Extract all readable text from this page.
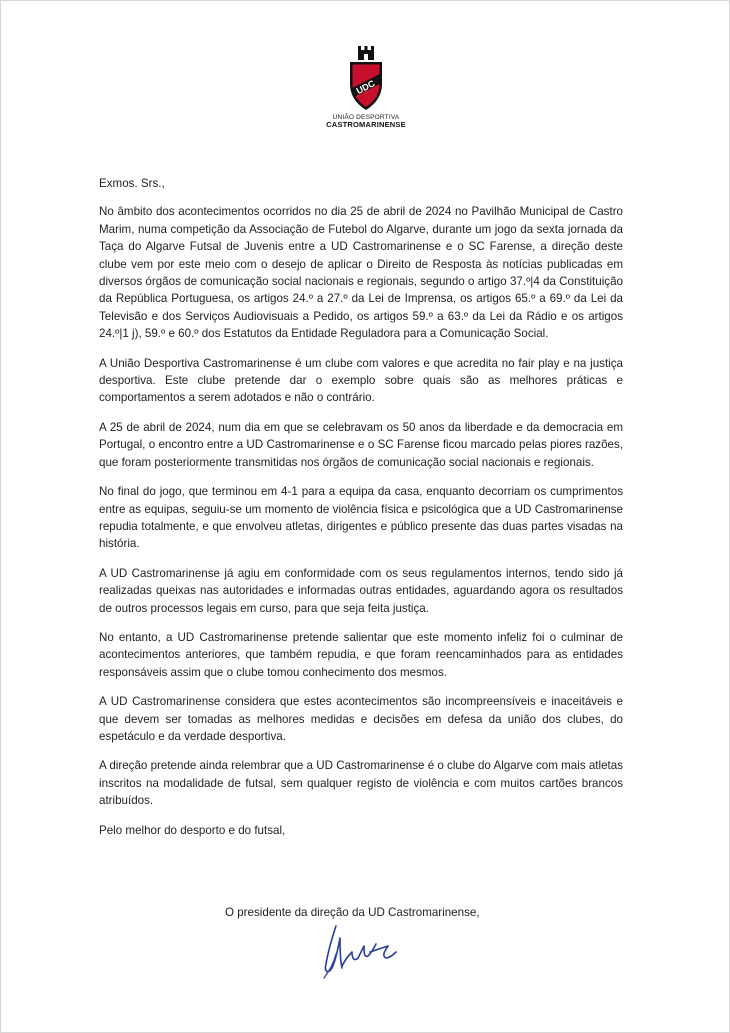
UDC
UNIÃO DESPORTIVA
CASTROMARINENSE

Exmos. Srs.,

No âmbito dos acontecimentos ocorridos no dia 25 de abril de 2024 no Pavilhão Municipal de Castro Marim, numa competição da Associação de Futebol do Algarve, durante um jogo da sexta jornada da Taça do Algarve Futsal de Juvenis entre a UD Castromarinense e o SC Farense, a direção deste clube vem por este meio com o desejo de aplicar o Direito de Resposta às notícias publicadas em diversos órgãos de comunicação social nacionais e regionais, segundo o artigo 37.º|4 da Constituição da República Portuguesa, os artigos 24.º a 27.º da Lei de Imprensa, os artigos 65.º a 69.º da Lei da Televisão e dos Serviços Audiovisuais a Pedido, os artigos 59.º a 63.º da Lei da Rádio e os artigos 24.º|1 j), 59.º e 60.º dos Estatutos da Entidade Reguladora para a Comunicação Social.

A União Desportiva Castromarinense é um clube com valores e que acredita no fair play e na justiça desportiva. Este clube pretende dar o exemplo sobre quais são as melhores práticas e comportamentos a serem adotados e não o contrário.

A 25 de abril de 2024, num dia em que se celebravam os 50 anos da liberdade e da democracia em Portugal, o encontro entre a UD Castromarinense e o SC Farense ficou marcado pelas piores razões, que foram posteriormente transmitidas nos órgãos de comunicação social nacionais e regionais.

No final do jogo, que terminou em 4-1 para a equipa da casa, enquanto decorriam os cumprimentos entre as equipas, seguiu-se um momento de violência física e psicológica que a UD Castromarinense repudia totalmente, e que envolveu atletas, dirigentes e público presente das duas partes visadas na história.

A UD Castromarinense já agiu em conformidade com os seus regulamentos internos, tendo sido já realizadas queixas nas autoridades e informadas outras entidades, aguardando agora os resultados de outros processos legais em curso, para que seja feita justiça.

No entanto, a UD Castromarinense pretende salientar que este momento infeliz foi o culminar de acontecimentos anteriores, que também repudia, e que foram reencaminhados para as entidades responsáveis assim que o clube tomou conhecimento dos mesmos.

A UD Castromarinense considera que estes acontecimentos são incompreensíveis e inaceitáveis e que devem ser tomadas as melhores medidas e decisões em defesa da união dos clubes, do espetáculo e da verdade desportiva.

A direção pretende ainda relembrar que a UD Castromarinense é o clube do Algarve com mais atletas inscritos na modalidade de futsal, sem qualquer registo de violência e com muitos cartões brancos atribuídos.

Pelo melhor do desporto e do futsal,

O presidente da direção da UD Castromarinense,
